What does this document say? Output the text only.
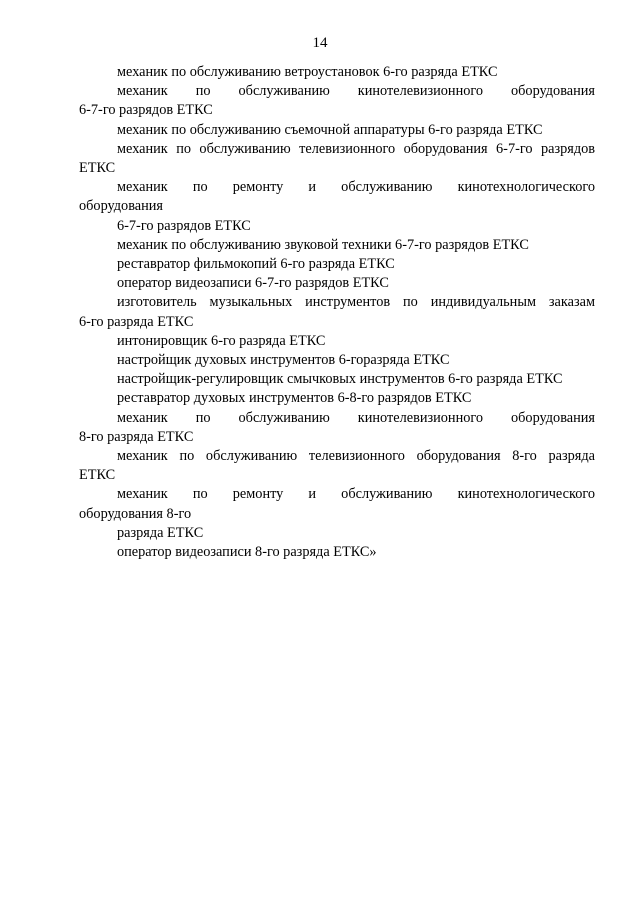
14
механик по обслуживанию ветроустановок 6-го разряда ЕТКС
механик по обслуживанию кинотелевизионного оборудования
6-7-го разрядов ЕТКС
механик по обслуживанию съемочной аппаратуры 6-го разряда ЕТКС
механик по обслуживанию телевизионного оборудования 6-7-го разрядов
ЕТКС
механик по ремонту и обслуживанию кинотехнологического
оборудования
6-7-го разрядов ЕТКС
механик по обслуживанию звуковой техники 6-7-го разрядов ЕТКС
реставратор фильмокопий 6-го разряда ЕТКС
оператор видеозаписи 6-7-го разрядов ЕТКС
изготовитель музыкальных инструментов по индивидуальным заказам
6-го разряда ЕТКС
интонировщик 6-го разряда ЕТКС
настройщик духовых инструментов 6-горазряда ЕТКС
настройщик-регулировщик смычковых инструментов 6-го разряда ЕТКС
реставратор духовых инструментов 6-8-го разрядов ЕТКС
механик по обслуживанию кинотелевизионного оборудования
8-го разряда ЕТКС
механик по обслуживанию телевизионного оборудования 8-го разряда
ЕТКС
механик по ремонту и обслуживанию кинотехнологического
оборудования 8-го
разряда ЕТКС
оператор видеозаписи 8-го разряда ЕТКС»
